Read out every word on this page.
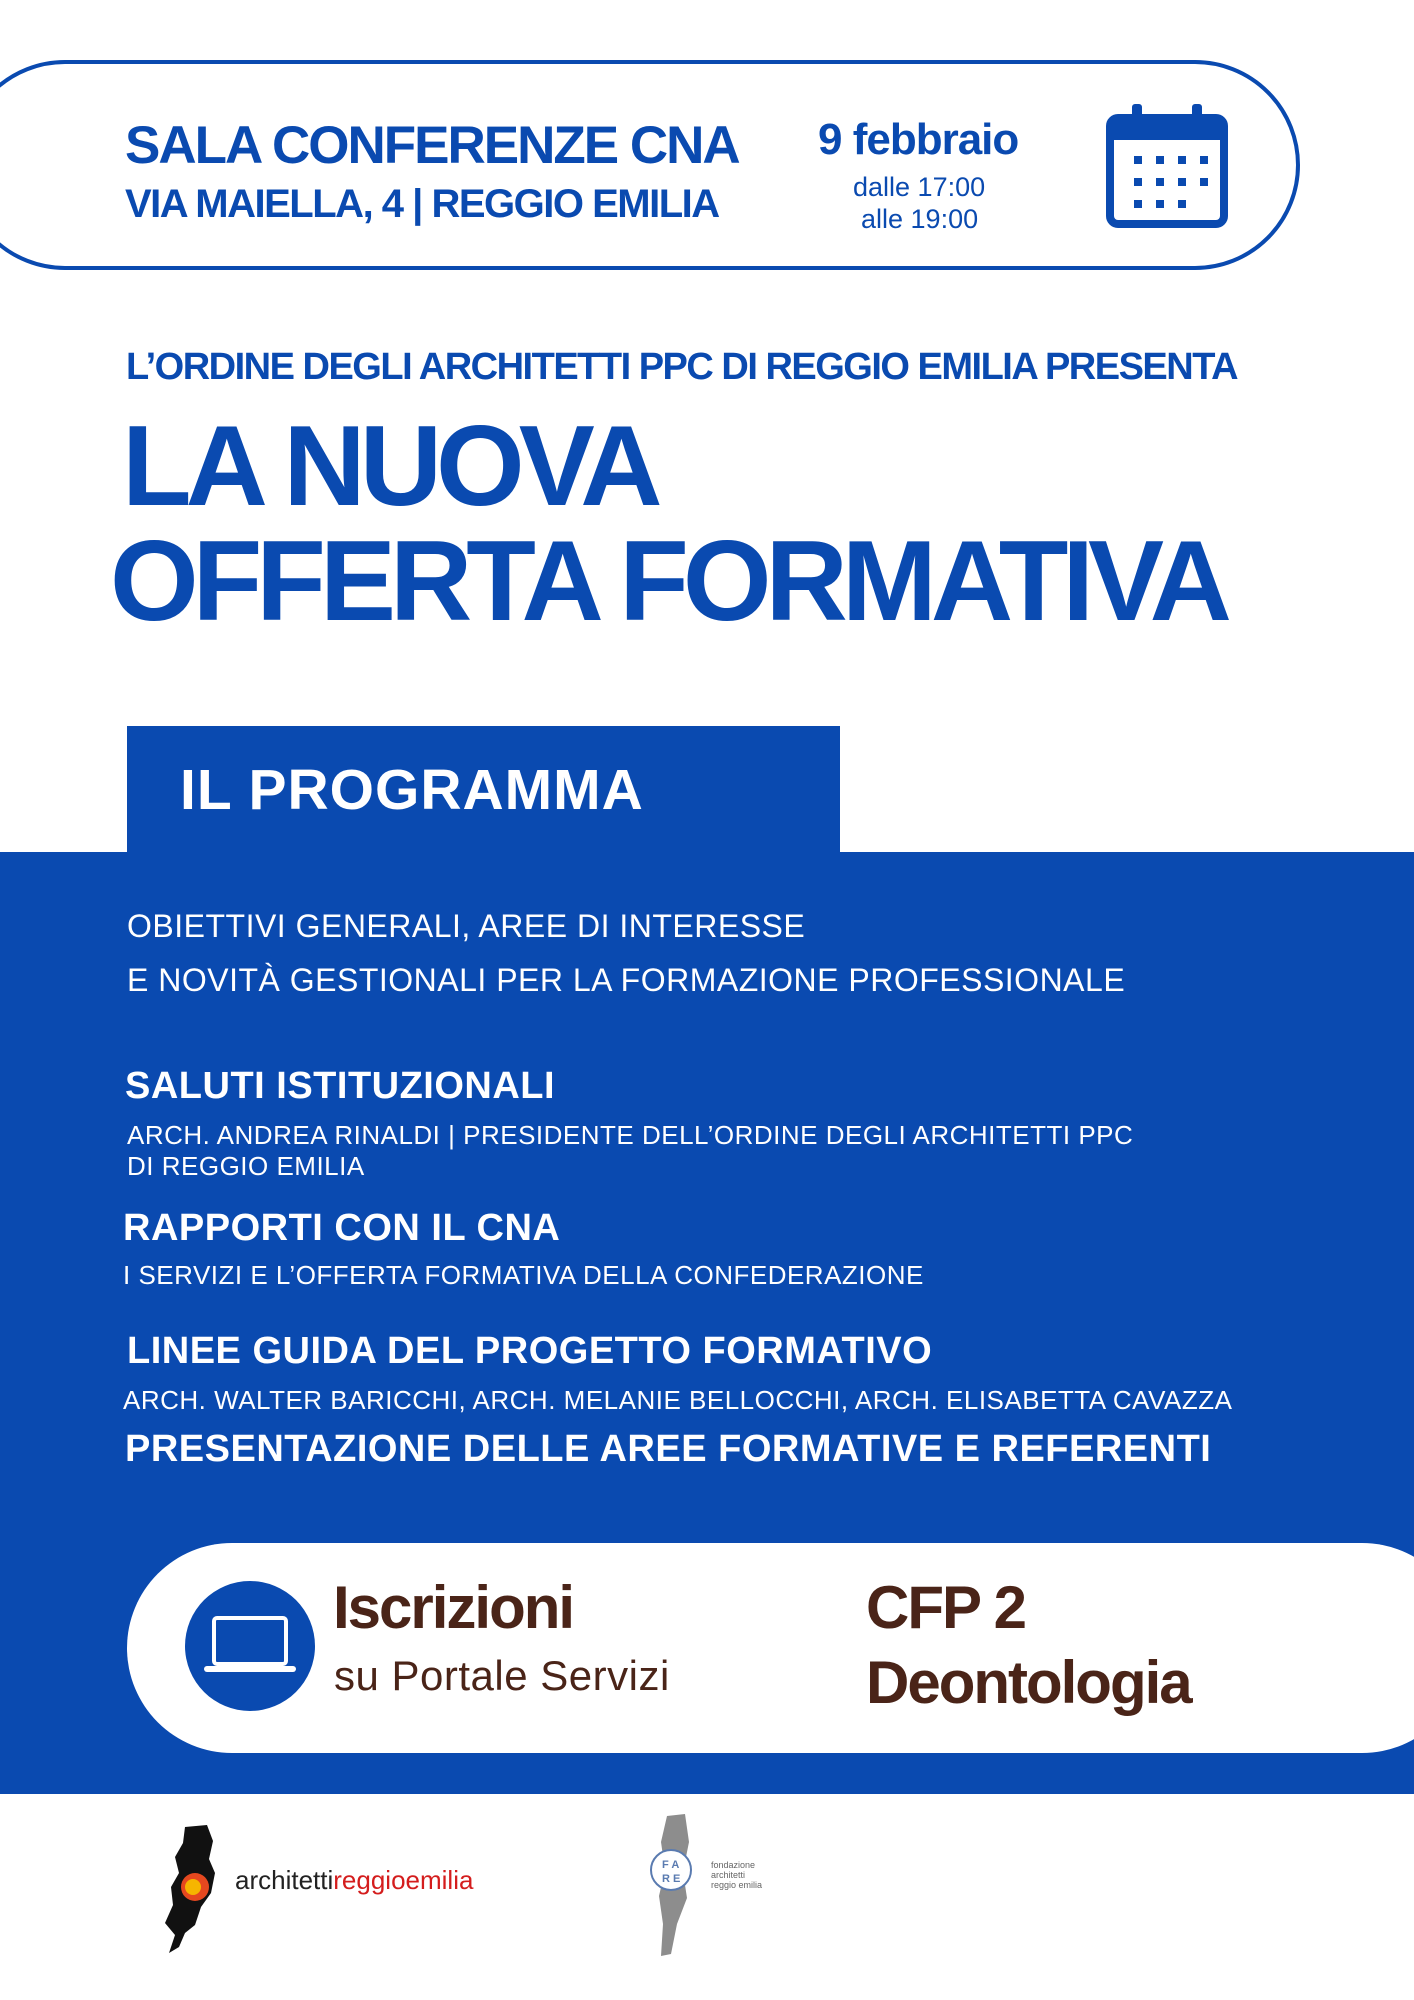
SALA CONFERENZE CNA
VIA MAIELLA, 4 | REGGIO EMILIA
9 febbraio
dalle 17:00
alle 19:00
L’ORDINE DEGLI ARCHITETTI PPC DI REGGIO EMILIA PRESENTA
LA NUOVA
OFFERTA FORMATIVA
IL PROGRAMMA
OBIETTIVI GENERALI, AREE DI INTERESSE
E NOVITÀ GESTIONALI PER LA FORMAZIONE PROFESSIONALE
SALUTI ISTITUZIONALI
ARCH. ANDREA RINALDI | PRESIDENTE DELL’ORDINE DEGLI ARCHITETTI PPC
DI REGGIO EMILIA
RAPPORTI CON IL CNA
I SERVIZI E L’OFFERTA FORMATIVA DELLA CONFEDERAZIONE
LINEE GUIDA DEL PROGETTO FORMATIVO
ARCH. WALTER BARICCHI, ARCH. MELANIE BELLOCCHI, ARCH. ELISABETTA CAVAZZA
PRESENTAZIONE DELLE AREE FORMATIVE E REFERENTI
Iscrizioni
su Portale Servizi
CFP 2
Deontologia
architettireggioemilia	F A
R E
fondazione
architetti
reggio emilia
